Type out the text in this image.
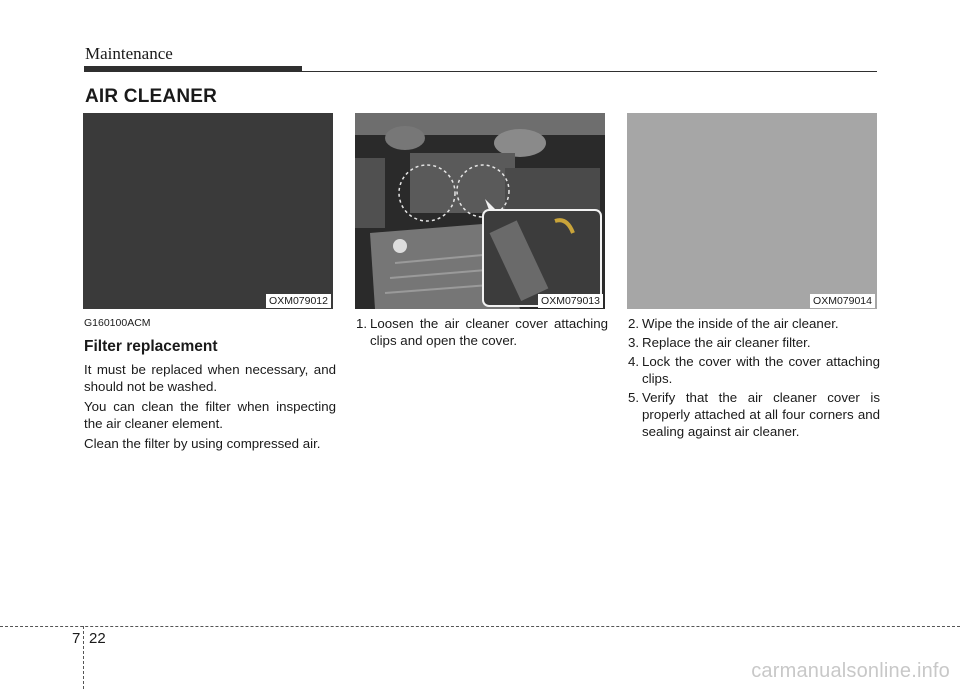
Maintenance
AIR CLEANER
OXM079012	OXM079013	OXM079014
G160100ACM
Filter replacement

It must be replaced when necessary, and should not be washed.

You can clean the filter when inspecting the air cleaner element.

Clean the filter by using compressed air.

1. Loosen the air cleaner cover attaching clips and open the cover.
2. Wipe the inside of the air cleaner.
3. Replace the air cleaner filter.
4. Lock the cover with the cover attaching clips.
5. Verify that the air cleaner cover is properly attached at all four corners and sealing against air cleaner.
7 22
carmanualsonline.info
